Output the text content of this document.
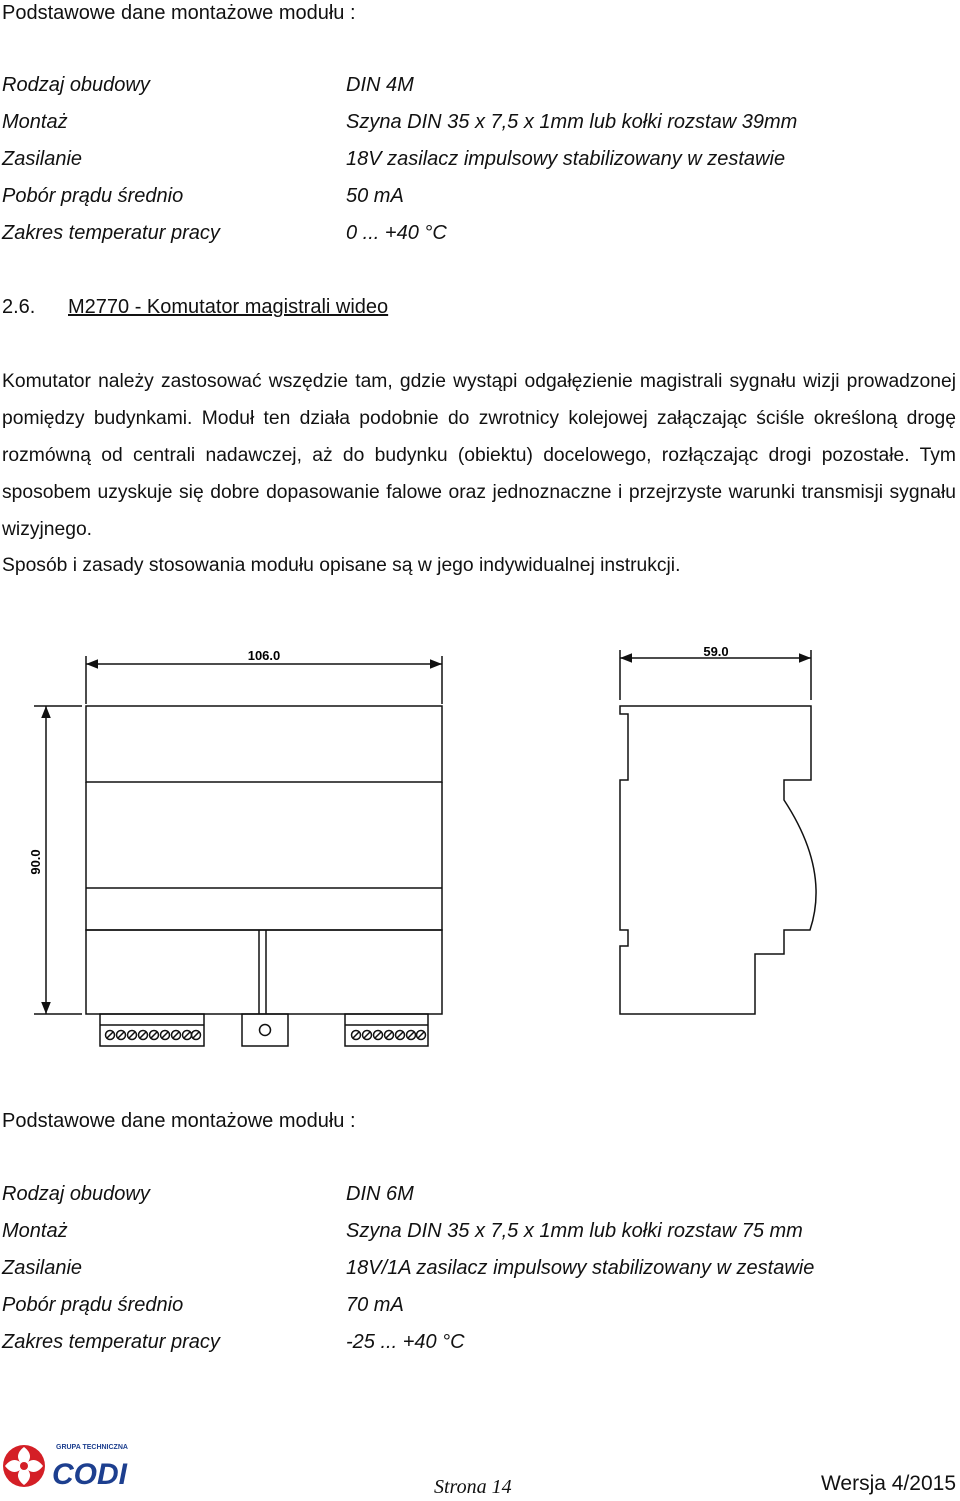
Podstawowe dane montażowe modułu :
Rodzaj obudowy	DIN 4M
Montaż	Szyna DIN 35 x 7,5 x 1mm lub kołki rozstaw 39mm
Zasilanie	18V zasilacz impulsowy stabilizowany w zestawie
Pobór prądu średnio	50 mA
Zakres temperatur pracy	0 ... +40 °C
2.6. M2770 - Komutator magistrali wideo

Komutator należy zastosować wszędzie tam, gdzie wystąpi odgałęzienie magistrali sygnału wizji prowadzonej pomiędzy budynkami. Moduł ten działa podobnie do zwrotnicy kolejowej załączając ściśle określoną drogę rozmówną od centrali nadawczej, aż do budynku (obiektu) docelowego, rozłączając drogi pozostałe. Tym sposobem uzyskuje się dobre dopasowanie falowe oraz jednoznaczne i przejrzyste warunki transmisji sygnału wizyjnego.

Sposób i zasady stosowania modułu opisane są w jego indywidualnej instrukcji.
106.0	59.0
90.0
Podstawowe dane montażowe modułu :
Rodzaj obudowy	DIN 6M
Montaż	Szyna DIN 35 x 7,5 x 1mm lub kołki rozstaw 75 mm
Zasilanie	18V/1A zasilacz impulsowy stabilizowany w zestawie
Pobór prądu średnio	70 mA
Zakres temperatur pracy	-25 ... +40 °C
GRUPA TECHNICZNA
CODI	Strona 14	Wersja 4/2015
